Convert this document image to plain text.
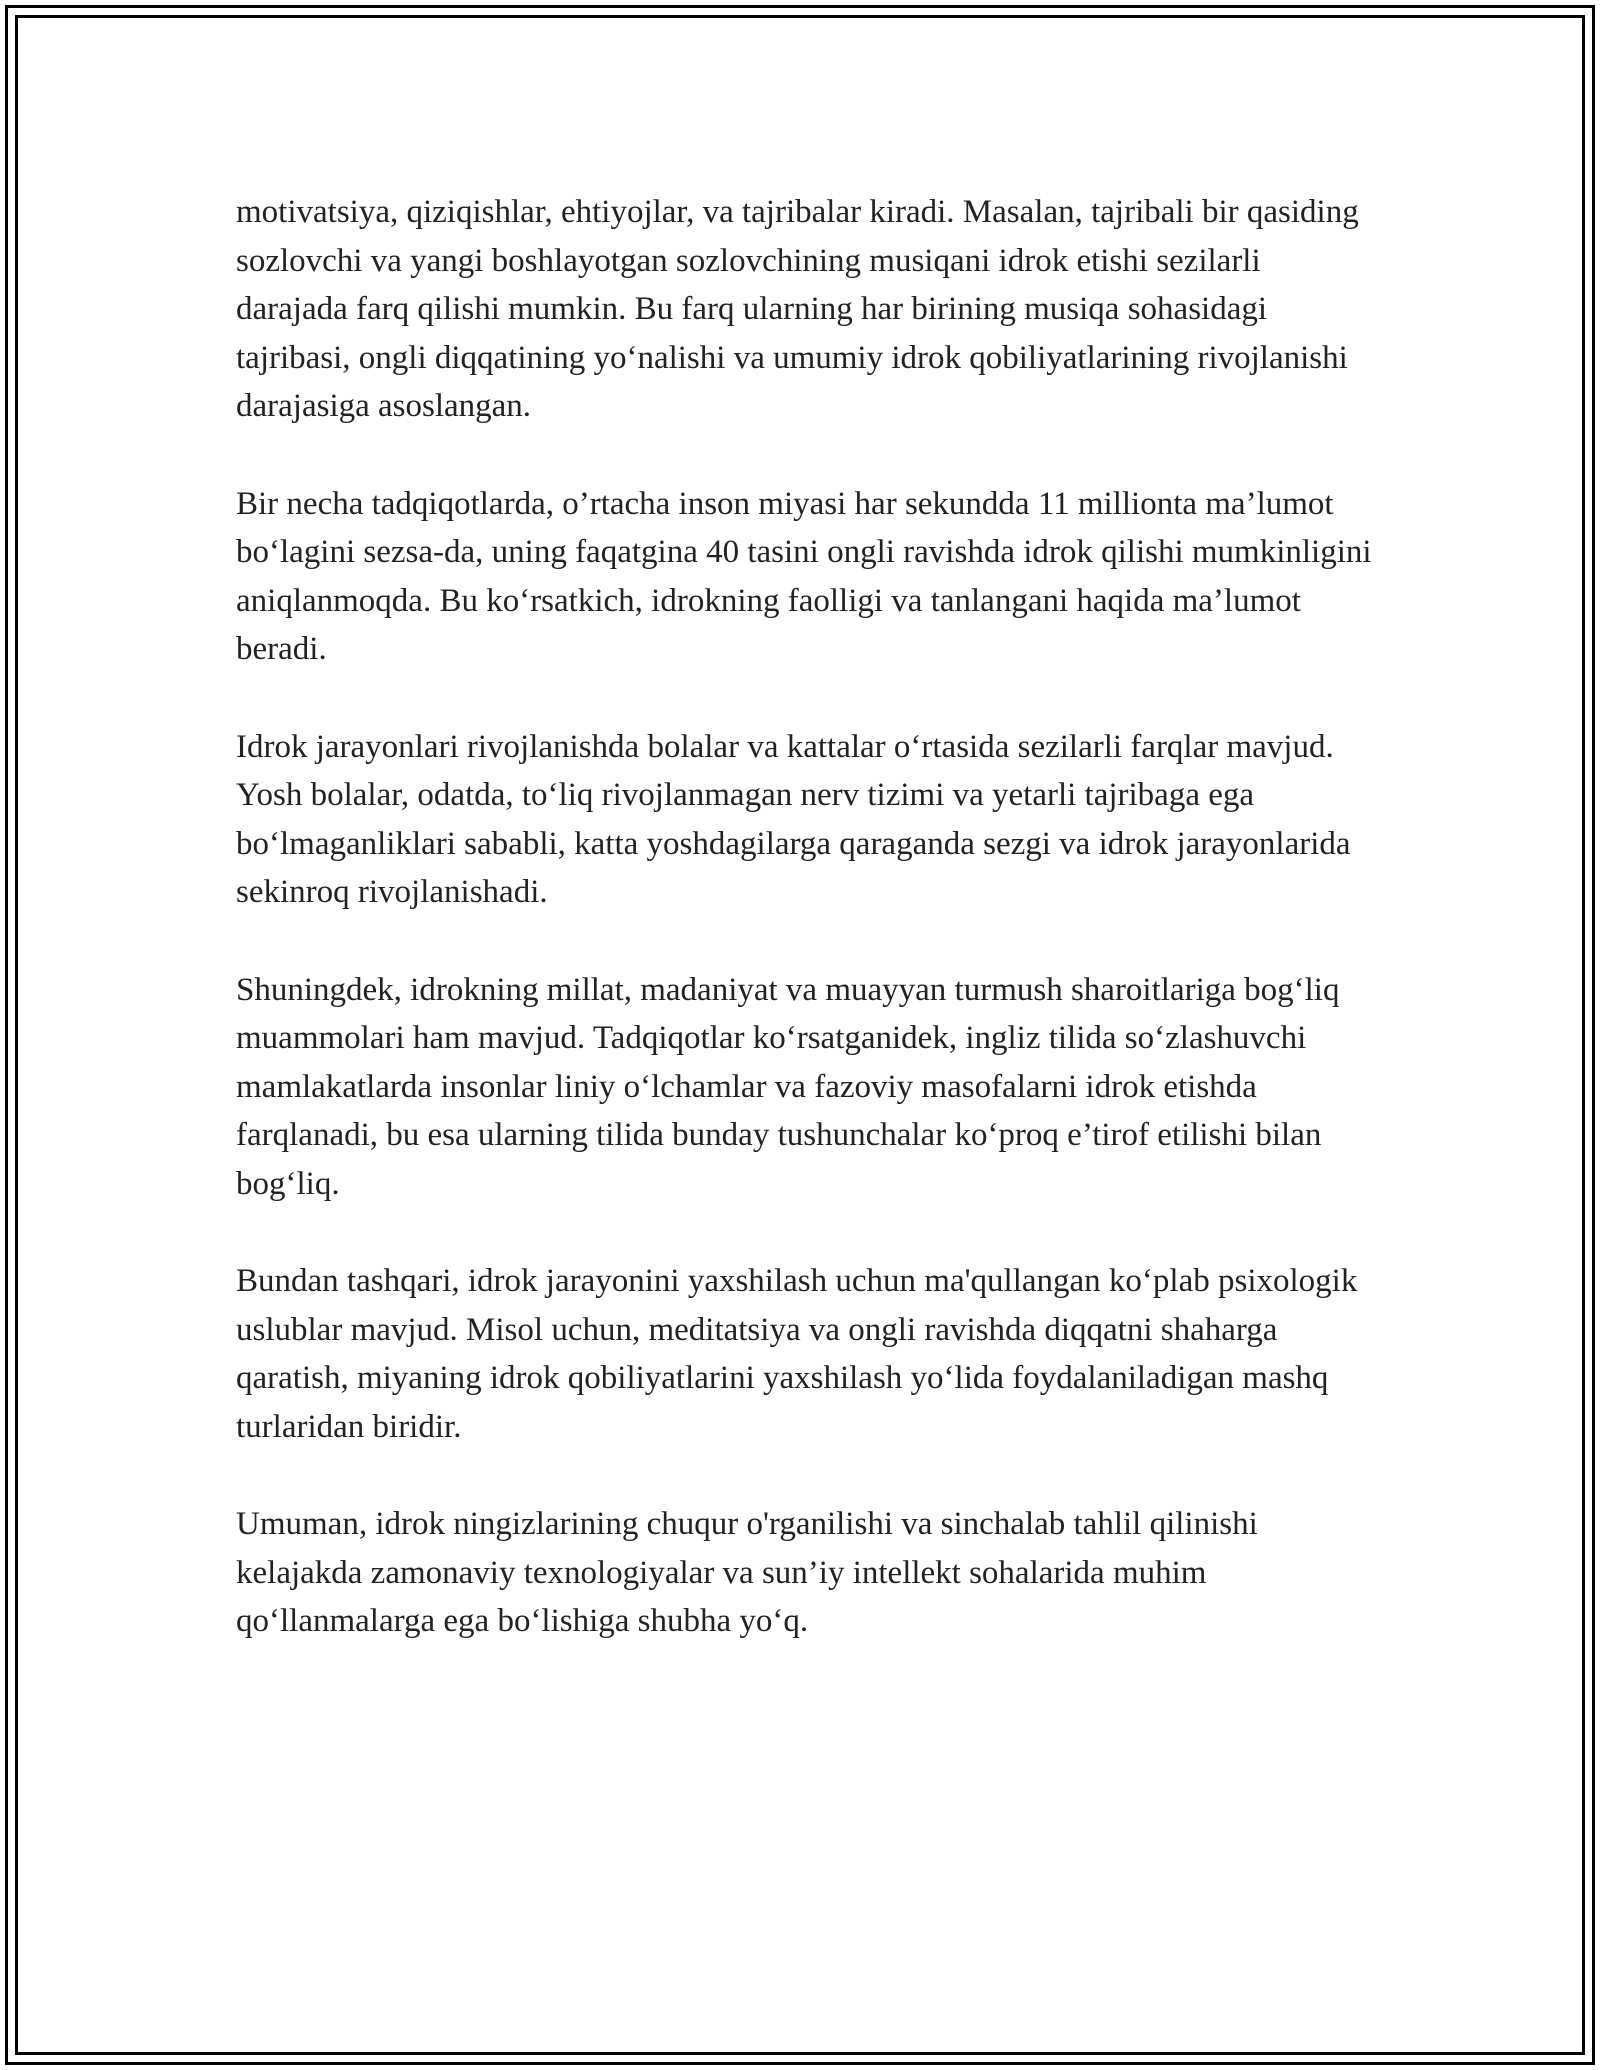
motivatsiya, qiziqishlar, ehtiyojlar, va tajribalar kiradi. Masalan, tajribali bir qasiding sozlovchi va yangi boshlayotgan sozlovchining musiqani idrok etishi sezilarli darajada farq qilishi mumkin. Bu farq ularning har birining musiqa sohasidagi tajribasi, ongli diqqatining yo‘nalishi va umumiy idrok qobiliyatlarining rivojlanishi darajasiga asoslangan.

Bir necha tadqiqotlarda, o’rtacha inson miyasi har sekundda 11 millionta ma’lumot bo‘lagini sezsa-da, uning faqatgina 40 tasini ongli ravishda idrok qilishi mumkinligini aniqlanmoqda. Bu ko‘rsatkich, idrokning faolligi va tanlangani haqida ma’lumot beradi.

Idrok jarayonlari rivojlanishda bolalar va kattalar o‘rtasida sezilarli farqlar mavjud. Yosh bolalar, odatda, to‘liq rivojlanmagan nerv tizimi va yetarli tajribaga ega bo‘lmaganliklari sababli, katta yoshdagilarga qaraganda sezgi va idrok jarayonlarida sekinroq rivojlanishadi.

Shuningdek, idrokning millat, madaniyat va muayyan turmush sharoitlariga bog‘liq muammolari ham mavjud. Tadqiqotlar ko‘rsatganidek, ingliz tilida so‘zlashuvchi mamlakatlarda insonlar liniy o‘lchamlar va fazoviy masofalarni idrok etishda farqlanadi, bu esa ularning tilida bunday tushunchalar ko‘proq e’tirof etilishi bilan bog‘liq.

Bundan tashqari, idrok jarayonini yaxshilash uchun ma'qullangan ko‘plab psixologik uslublar mavjud. Misol uchun, meditatsiya va ongli ravishda diqqatni shaharga qaratish, miyaning idrok qobiliyatlarini yaxshilash yo‘lida foydalaniladigan mashq turlaridan biridir.

Umuman, idrok ningizlarining chuqur o'rganilishi va sinchalab tahlil qilinishi kelajakda zamonaviy texnologiyalar va sun’iy intellekt sohalarida muhim qo‘llanmalarga ega bo‘lishiga shubha yo‘q.
